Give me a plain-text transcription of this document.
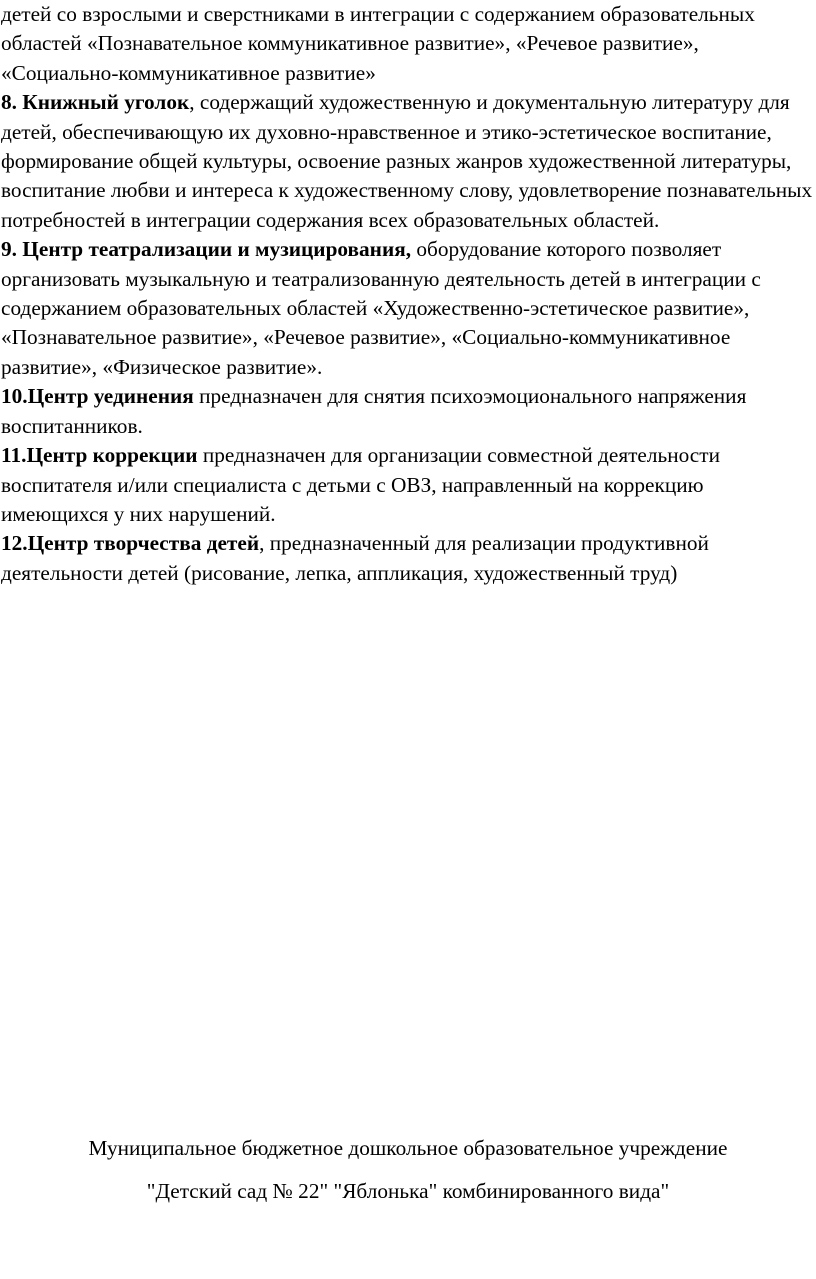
детей со взрослыми и сверстниками в интеграции с содержанием образовательных областей «Познавательное коммуникативное развитие», «Речевое развитие», «Социально-коммуникативное развитие»

8. Книжный уголок, содержащий художественную и документальную литературу для детей, обеспечивающую их духовно-нравственное и этико-эстетическое воспитание, формирование общей культуры, освоение разных жанров художественной литературы, воспитание любви и интереса к художественному слову, удовлетворение познавательных потребностей в интеграции содержания всех образовательных областей.

9. Центр театрализации и музицирования, оборудование которого позволяет организовать музыкальную и театрализованную деятельность детей в интеграции с содержанием образовательных областей «Художественно-эстетическое развитие», «Познавательное развитие», «Речевое развитие», «Социально-коммуникативное развитие», «Физическое развитие».

10.Центр уединения предназначен для снятия психоэмоционального напряжения воспитанников.

11.Центр коррекции предназначен для организации совместной деятельности воспитателя и/или специалиста с детьми с ОВЗ, направленный на коррекцию имеющихся у них нарушений.

12.Центр творчества детей, предназначенный для реализации продуктивной деятельности детей (рисование, лепка, аппликация, художественный труд)

Муниципальное бюджетное дошкольное образовательное учреждение
"Детский сад № 22" "Яблонька" комбинированного вида"
